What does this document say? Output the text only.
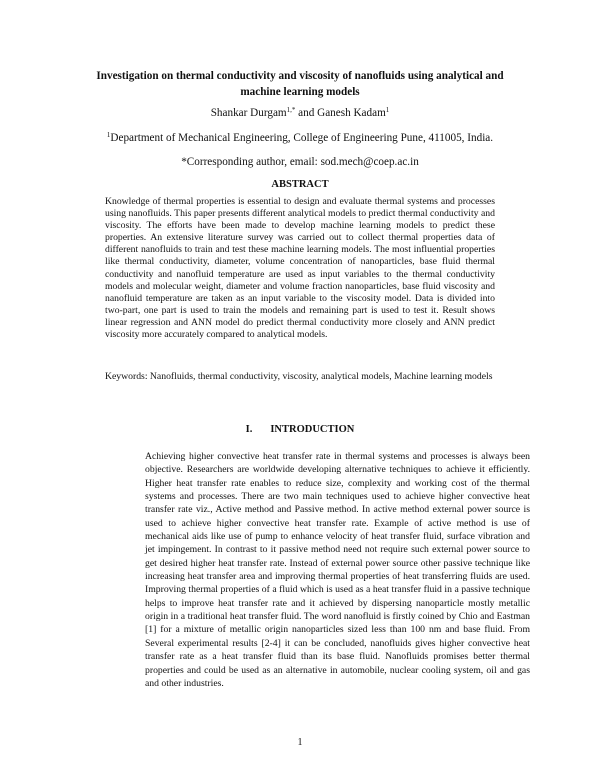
Investigation on thermal conductivity and viscosity of nanofluids using analytical and
machine learning models
Shankar Durgam$^{1,*}$ and Ganesh Kadam$^1$
$^1$Department of Mechanical Engineering, College of Engineering Pune, 411005, India.
*Corresponding author, email: sod.mech@coep.ac.in
ABSTRACT

Knowledge of thermal properties is essential to design and evaluate thermal systems and processes using nanofluids. This paper presents different analytical models to predict thermal conductivity and viscosity. The efforts have been made to develop machine learning models to predict these properties. An extensive literature survey was carried out to collect thermal properties data of different nanofluids to train and test these machine learning models. The most influential properties like thermal conductivity, diameter, volume concentration of nanoparticles, base fluid thermal conductivity and nanofluid temperature are used as input variables to the thermal conductivity models and molecular weight, diameter and volume fraction nanoparticles, base fluid viscosity and nanofluid temperature are taken as an input variable to the viscosity model. Data is divided into two-part, one part is used to train the models and remaining part is used to test it. Result shows linear regression and ANN model do predict thermal conductivity more closely and ANN predict viscosity more accurately compared to analytical models.

Keywords: Nanofluids, thermal conductivity, viscosity, analytical models, Machine learning models

I. INTRODUCTION

Achieving higher convective heat transfer rate in thermal systems and processes is always been objective. Researchers are worldwide developing alternative techniques to achieve it efficiently. Higher heat transfer rate enables to reduce size, complexity and working cost of the thermal systems and processes. There are two main techniques used to achieve higher convective heat transfer rate viz., Active method and Passive method. In active method external power source is used to achieve higher convective heat transfer rate. Example of active method is use of mechanical aids like use of pump to enhance velocity of heat transfer fluid, surface vibration and jet impingement. In contrast to it passive method need not require such external power source to get desired higher heat transfer rate. Instead of external power source other passive technique like increasing heat transfer area and improving thermal properties of heat transferring fluids are used. Improving thermal properties of a fluid which is used as a heat transfer fluid in a passive technique helps to improve heat transfer rate and it achieved by dispersing nanoparticle mostly metallic origin in a traditional heat transfer fluid. The word nanofluid is firstly coined by Chio and Eastman [1] for a mixture of metallic origin nanoparticles sized less than 100 nm and base fluid. From Several experimental results [2-4] it can be concluded, nanofluids gives higher convective heat transfer rate as a heat transfer fluid than its base fluid. Nanofluids promises better thermal properties and could be used as an alternative in automobile, nuclear cooling system, oil and gas and other industries.

1
